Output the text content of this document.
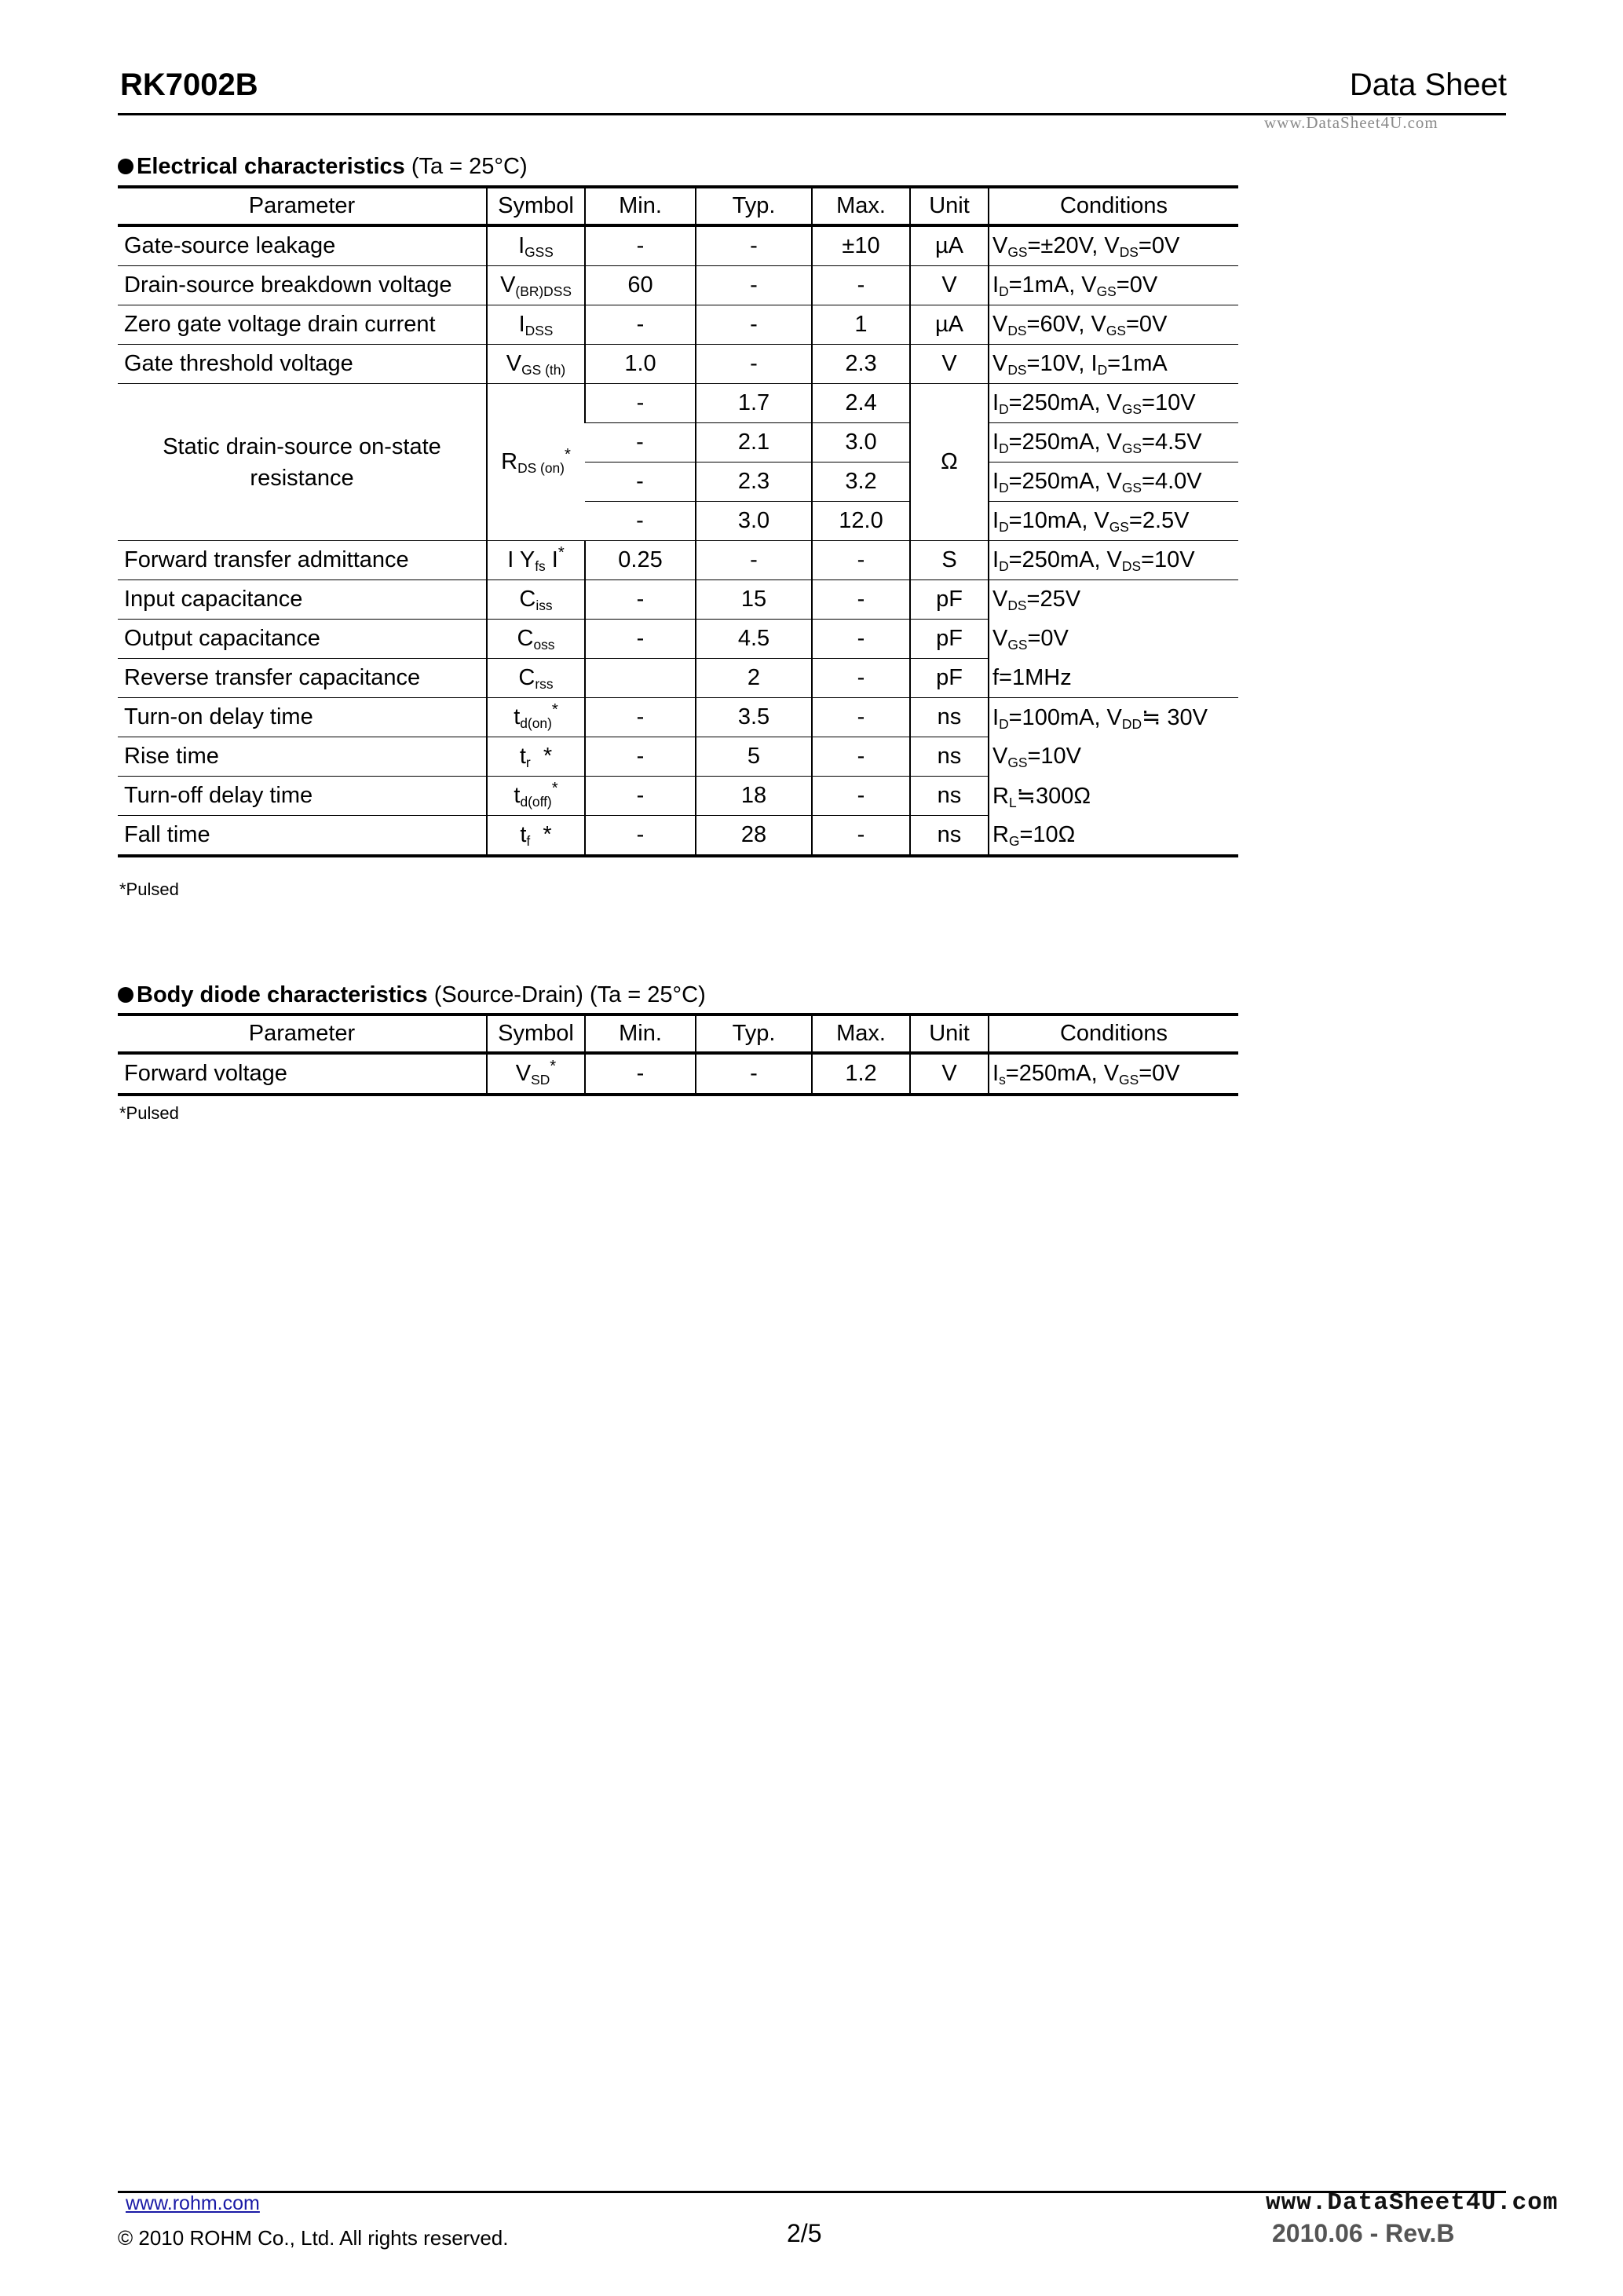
RK7002B	Data Sheet
www.DataSheet4U.com
Electrical characteristics (Ta = 25°C)
Parameter	Symbol	Min.	Typ.	Max.	Unit	Conditions
Gate-source leakage	$I_{GSS}$	-	-	±10	µA	$V_{GS}=\pm 20V$, $V_{DS}=0V$
Drain-source breakdown voltage	$V_{(BR)DSS}$	60	-	-	V	$I_D=1mA$, $V_{GS}=0V$
Zero gate voltage drain current	$I_{DSS}$	-	-	1	µA	$V_{DS}=60V$, $V_{GS}=0V$
Gate threshold voltage	$V_{GS (th)}$	1.0	-	2.3	V	$V_{DS}=10V$, $I_D=1mA$
Static drain-source on-state
resistance	$R_{DS (on)}^*$	-	1.7	2.4	Ω	$I_D=250mA$, $V_{GS}=10V$
		-	2.1	3.0		$I_D=250mA$, $V_{GS}=4.5V$
		-	2.3	3.2		$I_D=250mA$, $V_{GS}=4.0V$
		-	3.0	12.0		$I_D=10mA$, $V_{GS}=2.5V$
Forward transfer admittance	I $Y_{fs}$ I*	0.25	-	-	S	$I_D=250mA$, $V_{DS}=10V$
Input capacitance	$C_{iss}$	-	15	-	pF	$V_{DS}=25V$
Output capacitance	$C_{oss}$	-	4.5	-	pF	$V_{GS}=0V$
Reverse transfer capacitance	$C_{rss}$		2	-	pF	f=1MHz
Turn-on delay time	$t_{d(on)}^*$	-	3.5	-	ns	$I_D=100mA$, $V_{DD}≒$ 30V
Rise time	$t_r$  *	-	5	-	ns	$V_{GS}=10V$
Turn-off delay time	$t_{d(off)}^*$	-	18	-	ns	$R_L≒300\Omega$
Fall time	$t_f$  *	-	28	-	ns	$R_G=10\Omega$
*Pulsed
Body diode characteristics (Source-Drain) (Ta = 25°C)
Parameter	Symbol	Min.	Typ.	Max.	Unit	Conditions
Forward voltage	$V_{SD}^*$	-	-	1.2	V	$I_s=250mA$, $V_{GS}=0V$
*Pulsed
www.rohm.com
© 2010 ROHM Co., Ltd. All rights reserved.	2/5
www.DataSheet4U.com
2010.06 - Rev.B
